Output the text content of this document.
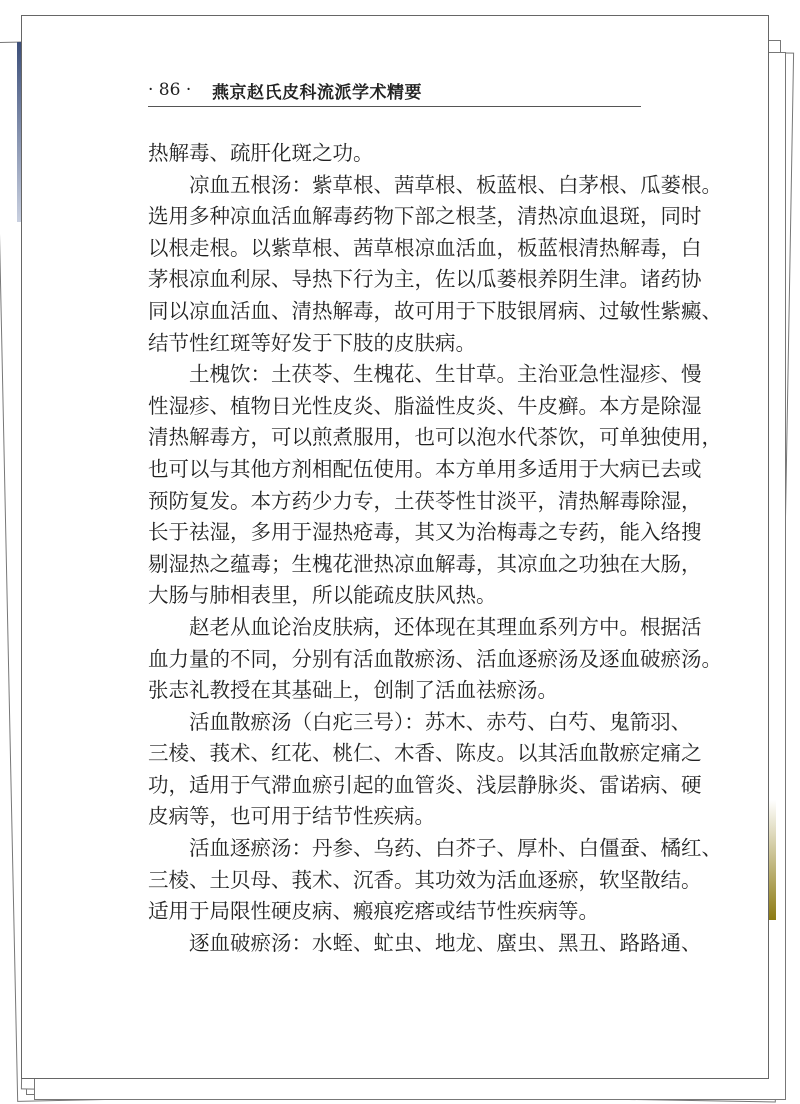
· 86 · 燕京赵氏皮科流派学术精要
热解毒、疏肝化斑之功。
凉血五根汤：紫草根、茜草根、板蓝根、白茅根、瓜蒌根。
选用多种凉血活血解毒药物下部之根茎，清热凉血退斑，同时
以根走根。以紫草根、茜草根凉血活血，板蓝根清热解毒，白
茅根凉血利尿、导热下行为主，佐以瓜蒌根养阴生津。诸药协
同以凉血活血、清热解毒，故可用于下肢银屑病、过敏性紫癜、
结节性红斑等好发于下肢的皮肤病。
土槐饮：土茯苓、生槐花、生甘草。主治亚急性湿疹、慢
性湿疹、植物日光性皮炎、脂溢性皮炎、牛皮癣。本方是除湿
清热解毒方，可以煎煮服用，也可以泡水代茶饮，可单独使用，
也可以与其他方剂相配伍使用。本方单用多适用于大病已去或
预防复发。本方药少力专，土茯苓性甘淡平，清热解毒除湿，
长于祛湿，多用于湿热疮毒，其又为治梅毒之专药，能入络搜
剔湿热之蕴毒；生槐花泄热凉血解毒，其凉血之功独在大肠，
大肠与肺相表里，所以能疏皮肤风热。
赵老从血论治皮肤病，还体现在其理血系列方中。根据活
血力量的不同，分别有活血散瘀汤、活血逐瘀汤及逐血破瘀汤。
张志礼教授在其基础上，创制了活血祛瘀汤。
活血散瘀汤（白疕三号）：苏木、赤芍、白芍、鬼箭羽、
三棱、莪术、红花、桃仁、木香、陈皮。以其活血散瘀定痛之
功，适用于气滞血瘀引起的血管炎、浅层静脉炎、雷诺病、硬
皮病等，也可用于结节性疾病。
活血逐瘀汤：丹参、乌药、白芥子、厚朴、白僵蚕、橘红、
三棱、土贝母、莪术、沉香。其功效为活血逐瘀，软坚散结。
适用于局限性硬皮病、瘢痕疙瘩或结节性疾病等。
逐血破瘀汤：水蛭、虻虫、地龙、䗪虫、黑丑、路路通、
